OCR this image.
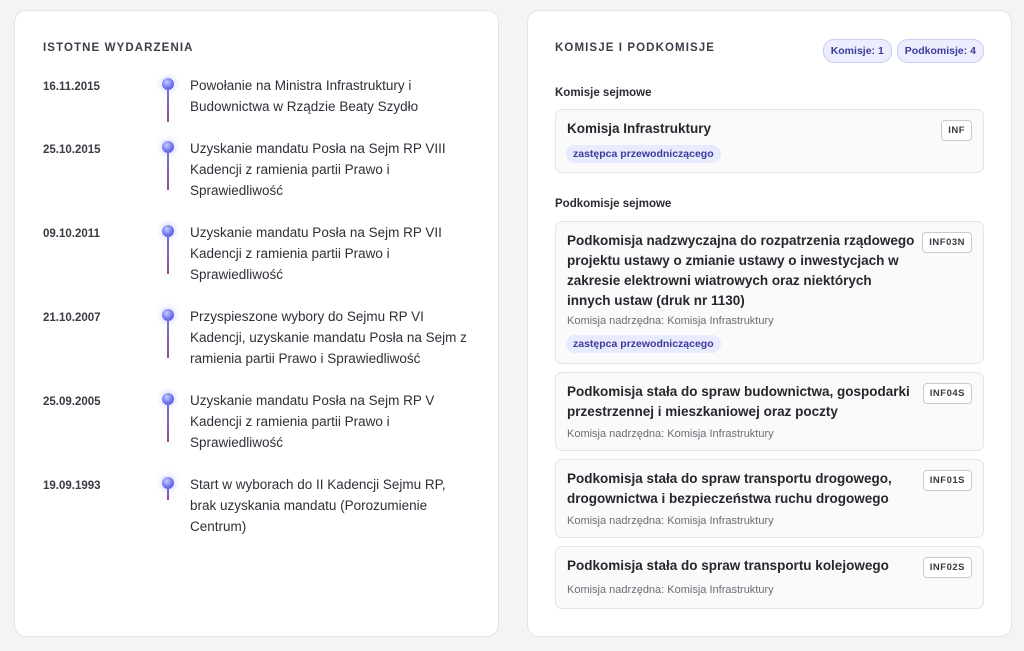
ISTOTNE WYDARZENIA
16.11.2015	Powołanie na Ministra Infrastruktury i Budownictwa w Rządzie Beaty Szydło
25.10.2015	Uzyskanie mandatu Posła na Sejm RP VIII Kadencji z ramienia partii Prawo i Sprawiedliwość
09.10.2011	Uzyskanie mandatu Posła na Sejm RP VII Kadencji z ramienia partii Prawo i Sprawiedliwość
21.10.2007	Przyspieszone wybory do Sejmu RP VI Kadencji, uzyskanie mandatu Posła na Sejm z ramienia partii Prawo i Sprawiedliwość
25.09.2005	Uzyskanie mandatu Posła na Sejm RP V Kadencji z ramienia partii Prawo i Sprawiedliwość
19.09.1993	Start w wyborach do II Kadencji Sejmu RP, brak uzyskania mandatu (Porozumienie Centrum)
KOMISJE I PODKOMISJE	Komisje: 1	Podkomisje: 4
Komisje sejmowe
Komisja Infrastruktury	INF
zastępca przewodniczącego
Podkomisje sejmowe
Podkomisja nadzwyczajna do rozpatrzenia rządowego projektu ustawy o zmianie ustawy o inwestycjach w zakresie elektrowni wiatrowych oraz niektórych innych ustaw (druk nr 1130)
INF03N
Komisja nadrzędna: Komisja Infrastruktury
zastępca przewodniczącego
Podkomisja stała do spraw budownictwa, gospodarki przestrzennej i mieszkaniowej oraz poczty
INF04S
Komisja nadrzędna: Komisja Infrastruktury
Podkomisja stała do spraw transportu drogowego, drogownictwa i bezpieczeństwa ruchu drogowego
INF01S
Komisja nadrzędna: Komisja Infrastruktury
Podkomisja stała do spraw transportu kolejowego	INF02S
Komisja nadrzędna: Komisja Infrastruktury
